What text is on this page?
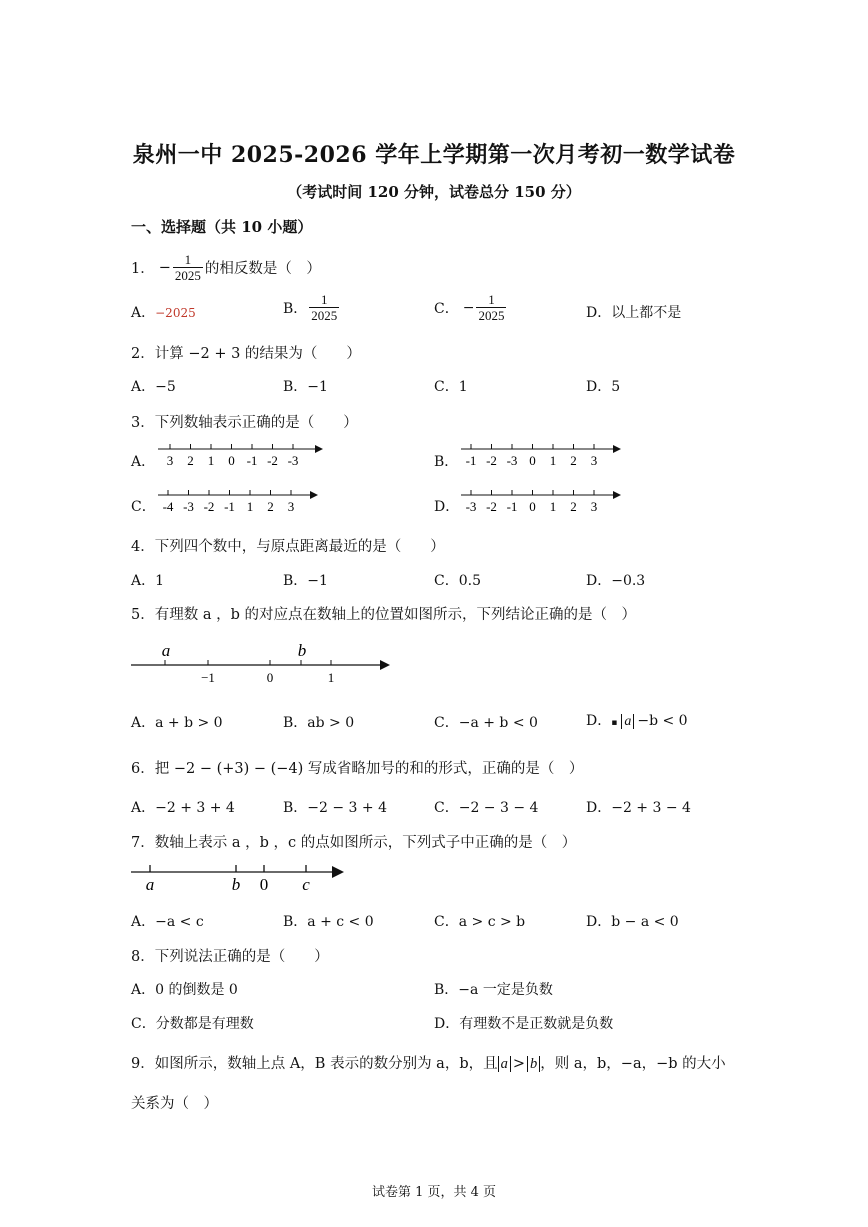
泉州一中 2025-2026 学年上学期第一次月考初一数学试卷
（考试时间 120 分钟，试卷总分 150 分）
一、选择题（共 10 小题）
1． − $\frac{1}{2025}$ 的相反数是（　）
A．−2025	B． $\frac{1}{2025}$	C． − $\frac{1}{2025}$	D．以上都不是
2．计算 −2 + 3 的结果为（　　）
A．−5	B．−1	C．1	D．5
3．下列数轴表示正确的是（　　）
A． 3 2 1 0 -1 -2 -3	B． -1 -2 -3 0 1 2 3
C． -4 -3 -2 -1 1 2 3	D． -3 -2 -1 0 1 2 3
4．下列四个数中，与原点距离最近的是（　　）
A．1	B．−1	C．0.5	D．−0.3
5．有理数 a ，b 的对应点在数轴上的位置如图所示，下列结论正确的是（　）
a	b
−1	0	1
A．a + b > 0	B．ab > 0	C．−a + b < 0	D．▪ a −b < 0
6．把 −2 − (+3) − (−4) 写成省略加号的和的形式，正确的是（　）
A．−2 + 3 + 4	B．−2 − 3 + 4	C．−2 − 3 − 4	D．−2 + 3 − 4
7．数轴上表示 a ，b ，c 的点如图所示，下列式子中正确的是（　）
a	b 0 c
A．−a < c	B．a + c < 0	C．a > c > b	D．b − a < 0
8．下列说法正确的是（　　）
A．0 的倒数是 0	B．−a 一定是负数
C．分数都是有理数	D．有理数不是正数就是负数
9．如图所示，数轴上点 A，B 表示的数分别为 a，b，且 a > b ，则 a，b，−a，−b 的大小
关系为（　）
试卷第 1 页，共 4 页
